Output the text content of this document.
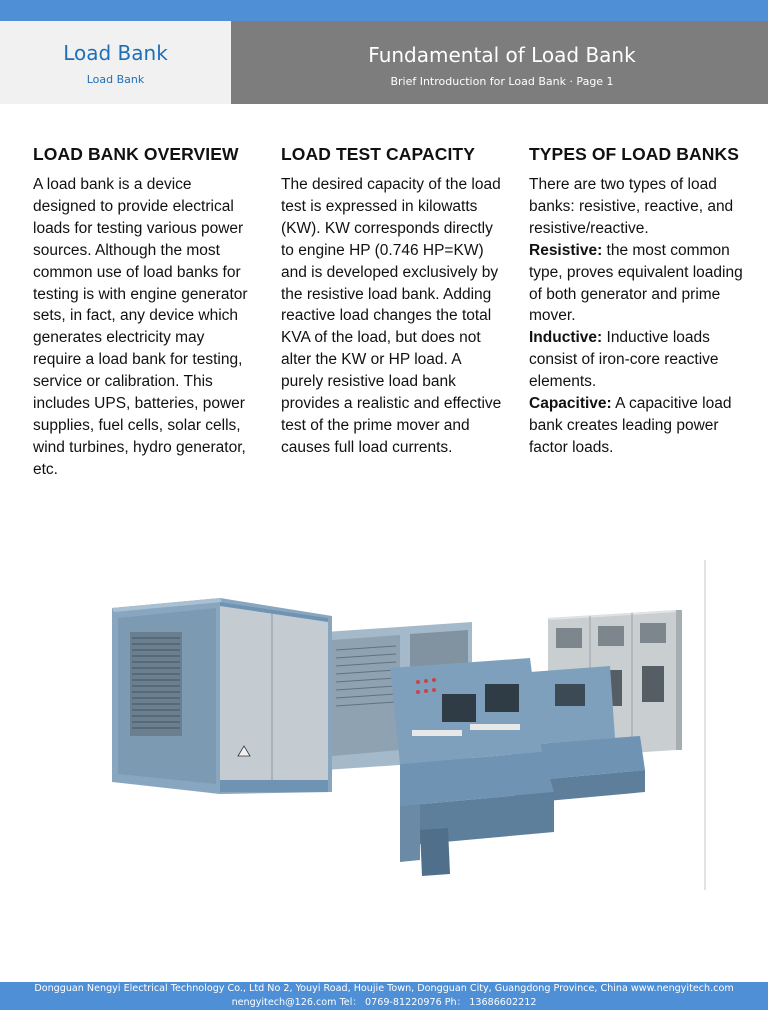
Load Bank
Load Bank
Fundamental of Load Bank
Brief Introduction for Load Bank · Page 1
LOAD BANK OVERVIEW

A load bank is a device designed to provide electrical loads for testing various power sources. Although the most common use of load banks for testing is with engine generator sets, in fact, any device which generates electricity may require a load bank for testing, service or calibration. This includes UPS, batteries, power supplies, fuel cells, solar cells, wind turbines, hydro generator, etc.

LOAD TEST CAPACITY

The desired capacity of the load test is expressed in kilowatts (KW). KW corresponds directly to engine HP (0.746 HP=KW) and is developed exclusively by the resistive load bank. Adding reactive load changes the total KVA of the load, but does not alter the KW or HP load. A purely resistive load bank provides a realistic and effective test of the prime mover and causes full load currents.

TYPES OF LOAD BANKS

There are two types of load banks: resistive, reactive, and resistive/reactive.
Resistive: the most common type, proves equivalent loading of both generator and prime mover.
Inductive: Inductive loads consist of iron-core reactive elements.
Capacitive: A capacitive load bank creates leading power factor loads.

Dongguan Nengyi Electrical Technology Co., Ltd No 2, Youyi Road, Houjie Town, Dongguan City, Guangdong Province, China www.nengyitech.com
nengyitech@126.com Tel： 0769-81220976 Ph： 13686602212
